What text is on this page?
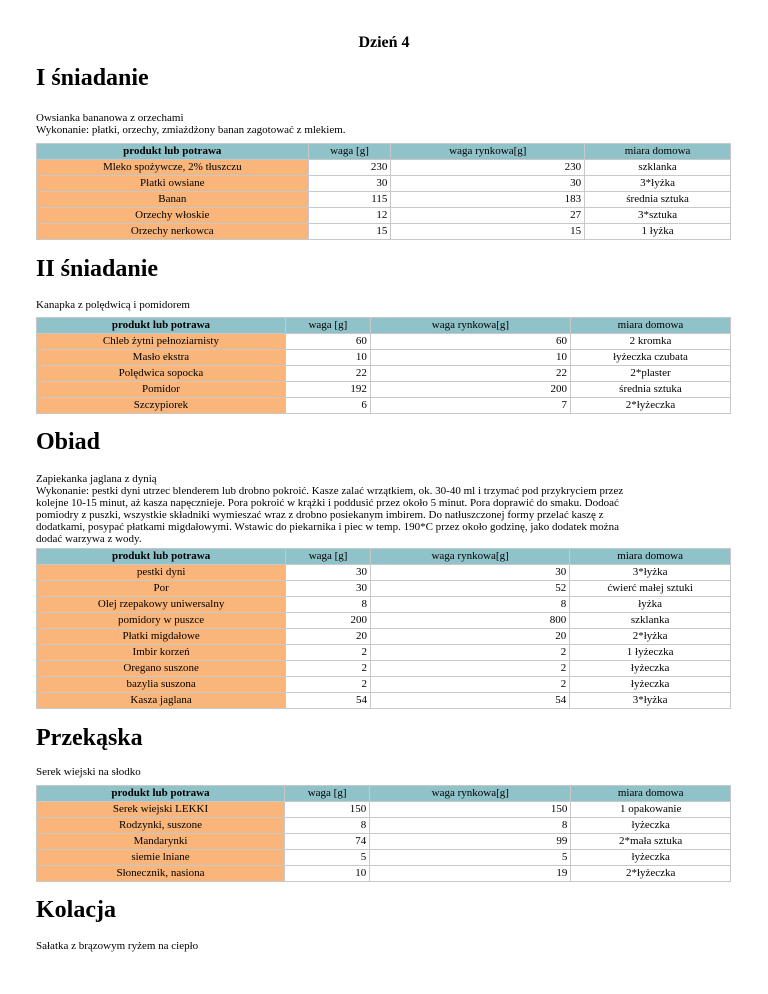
Dzień 4
I śniadanie

Owsianka bananowa z orzechami

Wykonanie: płatki, orzechy, zmiażdżony banan zagotować z mlekiem.

produkt lub potrawa	waga [g]	waga rynkowa[g]	miara domowa
Mleko spożywcze, 2% tłuszczu	230	230	szklanka
Płatki owsiane	30	30	3*łyżka
Banan	115	183	średnia sztuka
Orzechy włoskie	12	27	3*sztuka
Orzechy nerkowca	15	15	1 łyżka
II śniadanie

Kanapka z polędwicą i pomidorem

produkt lub potrawa	waga [g]	waga rynkowa[g]	miara domowa
Chleb żytni pełnoziarnisty	60	60	2 kromka
Masło ekstra	10	10	łyżeczka czubata
Polędwica sopocka	22	22	2*plaster
Pomidor	192	200	średnia sztuka
Szczypiorek	6	7	2*łyżeczka
Obiad

Zapiekanka jaglana z dynią

Wykonanie: pestki dyni utrzec blenderem lub drobno pokroić. Kasze zalać wrzątkiem, ok. 30-40 ml i trzymać pod przykryciem przez

kolejne 10-15 minut, aż kasza napęcznieje. Pora pokroić w krążki i poddusić przez około 5 minut. Pora doprawić do smaku. Dodoać

pomiodry z puszki, wszystkie składniki wymieszać wraz z drobno posiekanym imbirem. Do natłuszczonej formy przelać kaszę z

dodatkami, posypać płatkami migdałowymi. Wstawic do piekarnika i piec w temp. 190*C przez około godzinę, jako dodatek można

dodać warzywa z wody.

produkt lub potrawa	waga [g]	waga rynkowa[g]	miara domowa
pestki dyni	30	30	3*łyżka
Por	30	52	ćwierć małej sztuki
Olej rzepakowy uniwersalny	8	8	łyżka
pomidory w puszce	200	800	szklanka
Płatki migdałowe	20	20	2*łyżka
Imbir korzeń	2	2	1 łyżeczka
Oregano suszone	2	2	łyżeczka
bazylia suszona	2	2	łyżeczka
Kasza jaglana	54	54	3*łyżka
Przekąska

Serek wiejski na słodko

produkt lub potrawa	waga [g]	waga rynkowa[g]	miara domowa
Serek wiejski LEKKI	150	150	1 opakowanie
Rodzynki, suszone	8	8	łyżeczka
Mandarynki	74	99	2*mała sztuka
siemie lniane	5	5	łyżeczka
Słonecznik, nasiona	10	19	2*łyżeczka
Kolacja

Sałatka z brązowym ryżem na ciepło
